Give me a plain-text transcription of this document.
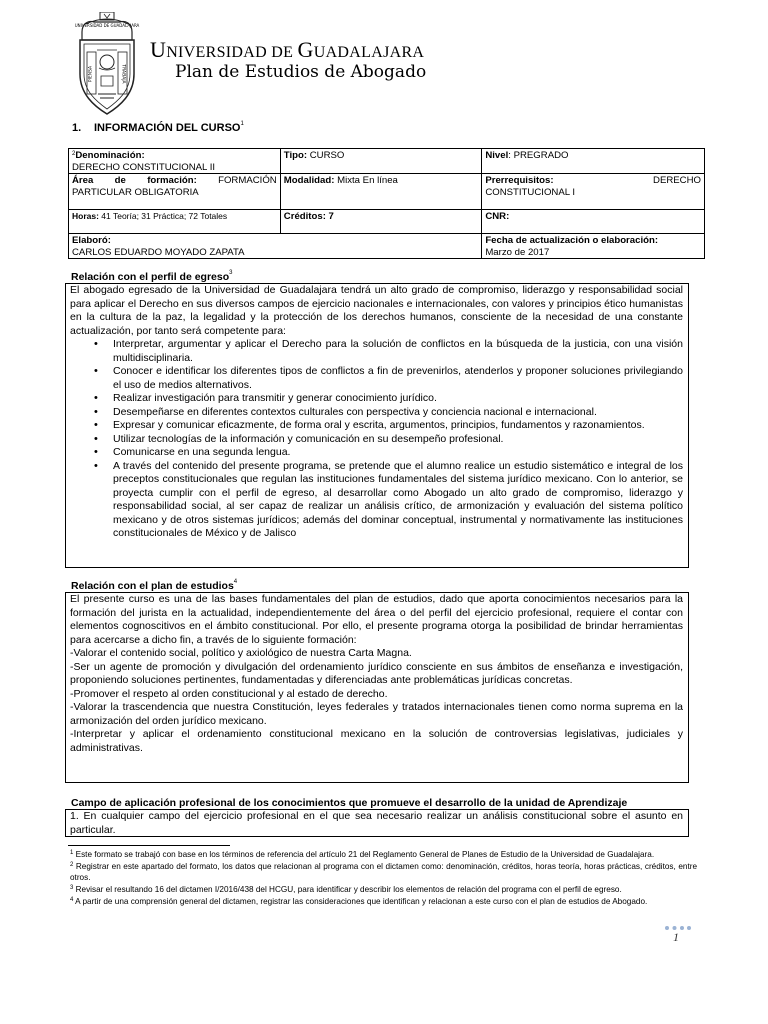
UNIVERSIDAD DE GUADALAJARA
PIENSA	TRABAJA
UNIVERSIDAD DE GUADALAJARA
Plan de Estudios de Abogado
1. INFORMACIÓN DEL CURSO$^1$
$^2$Denominación:
DERECHO CONSTITUCIONAL II	Tipo: CURSO	Nivel: PREGRADO

Área de formación: FORMACIÓN
PARTICULAR OBLIGATORIA	Modalidad: Mixta En línea	Prerrequisitos: DERECHO
CONSTITUCIONAL I
Horas: 41 Teoría; 31 Práctica; 72 Totales	Créditos: 7	CNR:
Elaboró:
CARLOS EDUARDO MOYADO ZAPATA		Fecha de actualización o elaboración:
Marzo de 2017
Relación con el perfil de egreso$^3$

El abogado egresado de la Universidad de Guadalajara tendrá un alto grado de compromiso, liderazgo y responsabilidad social para aplicar el Derecho en sus diversos campos de ejercicio nacionales e internacionales, con valores y principios ético humanistas en la cultura de la paz, la legalidad y la protección de los derechos humanos, consciente de la necesidad de una constante actualización, por tanto será competente para:

• Interpretar, argumentar y aplicar el Derecho para la solución de conflictos en la búsqueda de la justicia, con una visión multidisciplinaria.
• Conocer e identificar los diferentes tipos de conflictos a fin de prevenirlos, atenderlos y proponer soluciones privilegiando el uso de medios alternativos.
• Realizar investigación para transmitir y generar conocimiento jurídico.
• Desempeñarse en diferentes contextos culturales con perspectiva y conciencia nacional e internacional.
• Expresar y comunicar eficazmente, de forma oral y escrita, argumentos, principios, fundamentos y razonamientos.
• Utilizar tecnologías de la información y comunicación en su desempeño profesional.
• Comunicarse en una segunda lengua.
• A través del contenido del presente programa, se pretende que el alumno realice un estudio sistemático e integral de los preceptos constitucionales que regulan las instituciones fundamentales del sistema jurídico mexicano. Con lo anterior, se proyecta cumplir con el perfil de egreso, al desarrollar como Abogado un alto grado de compromiso, liderazgo y responsabilidad social, al ser capaz de realizar un análisis crítico, de armonización y evaluación del sistema político mexicano y de otros sistemas jurídicos; además del dominar conceptual, instrumental y normativamente las instituciones constitucionales de México y de Jalisco
Relación con el plan de estudios$^4$

El presente curso es una de las bases fundamentales del plan de estudios, dado que aporta conocimientos necesarios para la formación del jurista en la actualidad, independientemente del área o del perfil del ejercicio profesional, requiere el contar con elementos cognoscitivos en el ámbito constitucional. Por ello, el presente programa otorga la posibilidad de brindar herramientas para acercarse a dicho fin, a través de lo siguiente formación:

-Valorar el contenido social, político y axiológico de nuestra Carta Magna.

-Ser un agente de promoción y divulgación del ordenamiento jurídico consciente en sus ámbitos de enseñanza e investigación, proponiendo soluciones pertinentes, fundamentadas y diferenciadas ante problemáticas jurídicas concretas.

-Promover el respeto al orden constitucional y al estado de derecho.

-Valorar la trascendencia que nuestra Constitución, leyes federales y tratados internacionales tienen como norma suprema en la armonización del orden jurídico mexicano.

-Interpretar y aplicar el ordenamiento constitucional mexicano en la solución de controversias legislativas, judiciales y administrativas.

Campo de aplicación profesional de los conocimientos que promueve el desarrollo de la unidad de Aprendizaje

1. En cualquier campo del ejercicio profesional en el que sea necesario realizar un análisis constitucional sobre el asunto en particular.

$^1$ Este formato se trabajó con base en los términos de referencia del artículo 21 del Reglamento General de Planes de Estudio de la Universidad de Guadalajara.
$^2$ Registrar en este apartado del formato, los datos que relacionan al programa con el dictamen como: denominación, créditos, horas teoría, horas prácticas, créditos, entre otros.
$^3$ Revisar el resultando 16 del dictamen I/2016/438 del HCGU, para identificar y describir los elementos de relación del programa con el perfil de egreso.
$^4$ A partir de una comprensión general del dictamen, registrar las consideraciones que identifican y relacionan a este curso con el plan de estudios de Abogado.
1
